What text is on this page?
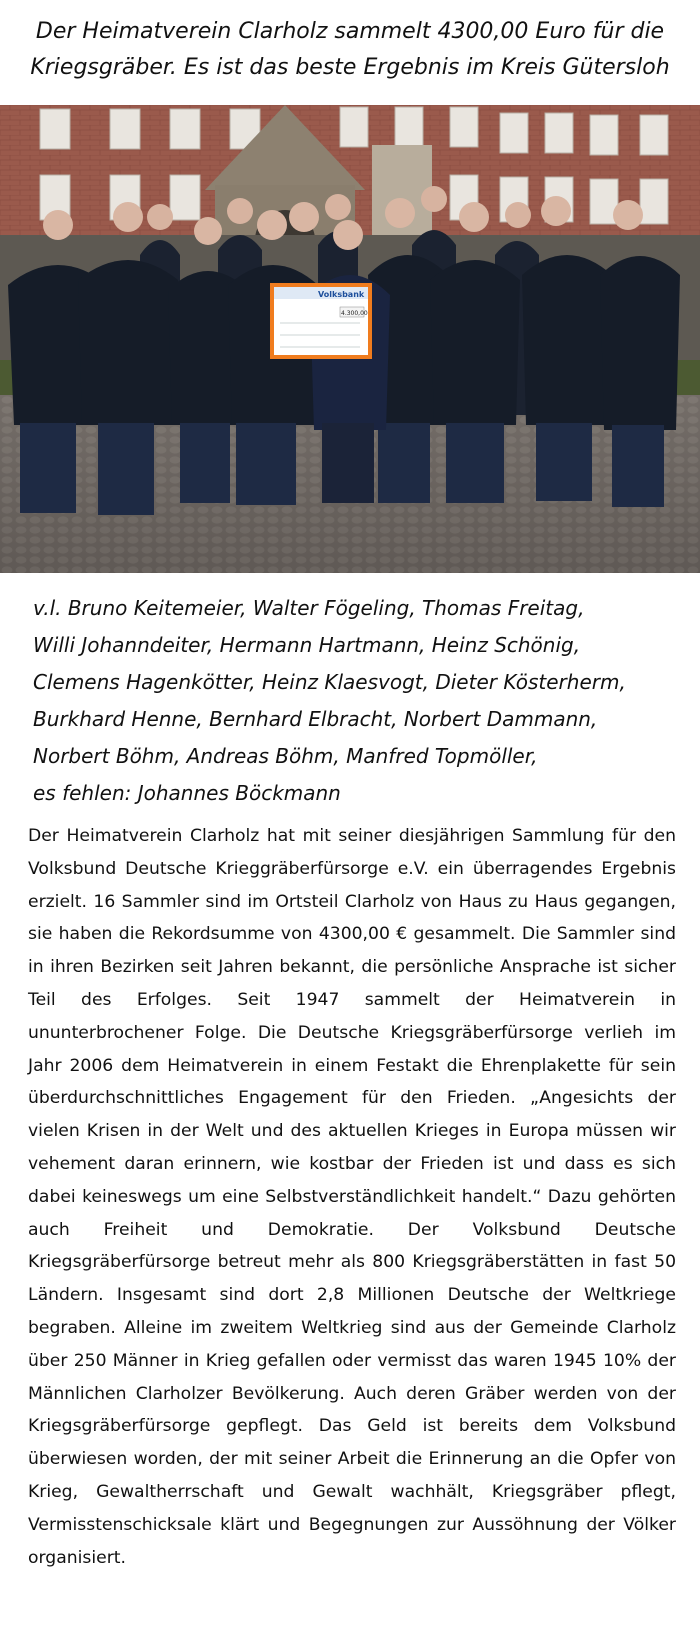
Der Heimatverein Clarholz sammelt 4300,00 Euro für die
Kriegsgräber. Es ist das beste Ergebnis im Kreis Gütersloh
Volksbank
4.300,00
v.l. Bruno Keitemeier, Walter Fögeling, Thomas Freitag,
Willi Johanndeiter, Hermann Hartmann, Heinz Schönig,
Clemens Hagenkötter, Heinz Klaesvogt, Dieter Kösterherm,
Burkhard Henne, Bernhard Elbracht, Norbert Dammann,
Norbert Böhm, Andreas Böhm, Manfred Topmöller,
es fehlen: Johannes Böckmann
Der Heimatverein Clarholz hat mit seiner diesjährigen Sammlung für den Volksbund Deutsche Krieggräberfürsorge e.V. ein überragendes Ergebnis erzielt. 16 Sammler sind im Ortsteil Clarholz von Haus zu Haus gegangen, sie haben die Rekordsumme von 4300,00 € gesammelt. Die Sammler sind in ihren Bezirken seit Jahren bekannt, die persönliche Ansprache ist sicher Teil des Erfolges. Seit 1947 sammelt der Heimatverein in ununterbrochener Folge. Die Deutsche Kriegsgräberfürsorge verlieh im Jahr 2006 dem Heimatverein in einem Festakt die Ehrenplakette für sein überdurchschnittliches Engagement für den Frieden. „Angesichts der vielen Krisen in der Welt und des aktuellen Krieges in Europa müssen wir vehement daran erinnern, wie kostbar der Frieden ist und dass es sich dabei keineswegs um eine Selbstverständlichkeit handelt.“ Dazu gehörten auch Freiheit und Demokratie. Der Volksbund Deutsche Kriegsgräberfürsorge betreut mehr als 800 Kriegsgräberstätten in fast 50 Ländern. Insgesamt sind dort 2,8 Millionen Deutsche der Weltkriege begraben. Alleine im zweitem Weltkrieg sind aus der Gemeinde Clarholz über 250 Männer in Krieg gefallen oder vermisst das waren 1945 10% der Männlichen Clarholzer Bevölkerung. Auch deren Gräber werden von der Kriegsgräberfürsorge gepflegt. Das Geld ist bereits dem Volksbund überwiesen worden, der mit seiner Arbeit die Erinnerung an die Opfer von Krieg, Gewaltherrschaft und Gewalt wachhält, Kriegsgräber pflegt, Vermisstenschicksale klärt und Begegnungen zur Aussöhnung der Völker organisiert.
